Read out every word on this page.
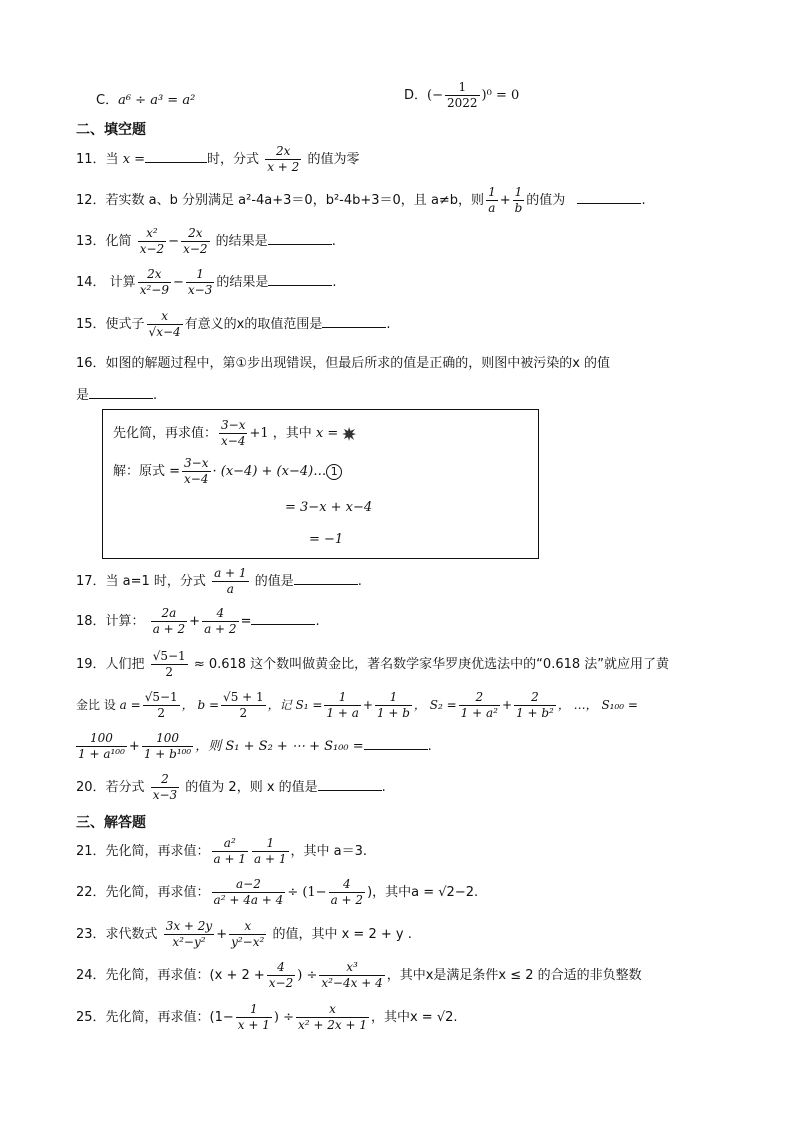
C．a⁶ ÷ a³ = a²	D．(− $\frac{1}{2022} )^0 = 0$
二、填空题
11．当 x =	时，分式 $\frac{2x}{x + 2}$ 的值为零
12．若实数 a、b 分别满足 a²-4a+3＝0，b²-4b+3＝0，且 a≠b，则 $\frac{1}{a} + \frac{1}{b}$ 的值为	.
13．化简 $\frac{\text{x²}}{x-2} - \frac{2x}{x-2}$ 的结果是	.
14． 计算 $\frac{2x}{\text{x²−9}} - \frac{1}{x-3}$ 的结果是	.
15．使式子 $\frac{x}{√x-4}$ 有意义的x的取值范围是	.
16．如图的解题过程中，第①步出现错误，但最后所求的值是正确的，则图中被污染的x 的值
是	.
先化简，再求值： $\frac{3-x}{x-4} +1$ ，其中 x =
解：原式 = $\frac{3-x}{x-4} \cdot (x-4)$ + (x−4)… 1
= 3−x + x−4
= −1
17．当 a=1 时，分式 $\frac{a + 1}{a}$ 的值是	.
18．计算： $\frac{2a}{a + 2} + \frac{4}{a + 2}$ =	.
19．人们把 $\frac{√5-1}{2} \approx 0.618$ 这个数叫做黄金比，著名数学家华罗庚优选法中的“0.618 法”就应用了黄
金比 设 $a = \frac{√5-1}{2}$ ， $b = \frac{√5 + 1}{2}$ ，记 $S_1 = \frac{1}{1 + a} + \frac{1}{1 + b}$ ， $S_2 = \frac{2}{\text{1 + a²}} + \frac{2}{\text{1 + b²}}$ ， …， S₁₀₀ =
$\frac{100}{\text{1 + a¹⁰⁰}} + \frac{100}{\text{1 + b¹⁰⁰}}$ ，则 S₁ + S₂ + ⋯ + S₁₀₀ =	.
20．若分式 $\frac{2}{x-3}$ 的值为 2，则 x 的值是	.
三、解答题
21．先化简，再求值： $\frac{\text{a²}}{a + 1} \frac{1}{a + 1}$ ，其中 a＝3.
22．先化简，再求值： $\frac{a-2}{\text{a² + 4a + 4}} \div (1- \frac{4}{a + 2}$ )，其中a = √2−2.
23．求代数式 $\frac{3x + 2y}{\text{x²−y²}} + \frac{x}{\text{y²−x²}}$ 的值，其中 x = 2 + y .
24．先化简，再求值：($x + 2 + \frac{4}{x-2}$ ) ÷ $\frac{\text{x³}}{\text{x²−4x + 4}}$ ，其中x是满足条件x ≤ 2 的合适的非负整数
25．先化简，再求值：($1- \frac{1}{x + 1}$ ) ÷ $\frac{x}{\text{x² + 2x + 1}}$ ，其中x = √2.
